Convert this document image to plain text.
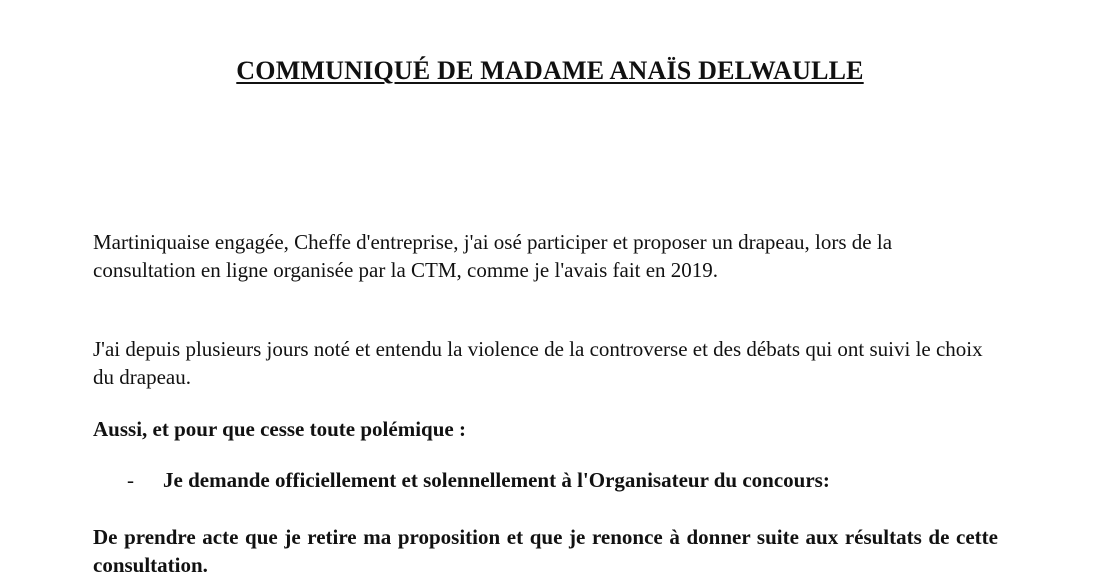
COMMUNIQUÉ DE MADAME ANAÏS DELWAULLE

Martiniquaise engagée, Cheffe d'entreprise, j'ai osé participer et proposer un drapeau, lors de la consultation en ligne organisée par la CTM, comme je l'avais fait en 2019.

J'ai depuis plusieurs jours noté et entendu la violence de la controverse et des débats qui ont suivi le choix du drapeau.

Aussi, et pour que cesse toute polémique :

-	Je demande officiellement et solennellement à l'Organisateur du concours:

De prendre acte que je retire ma proposition et que je renonce à donner suite aux résultats de cette consultation.
